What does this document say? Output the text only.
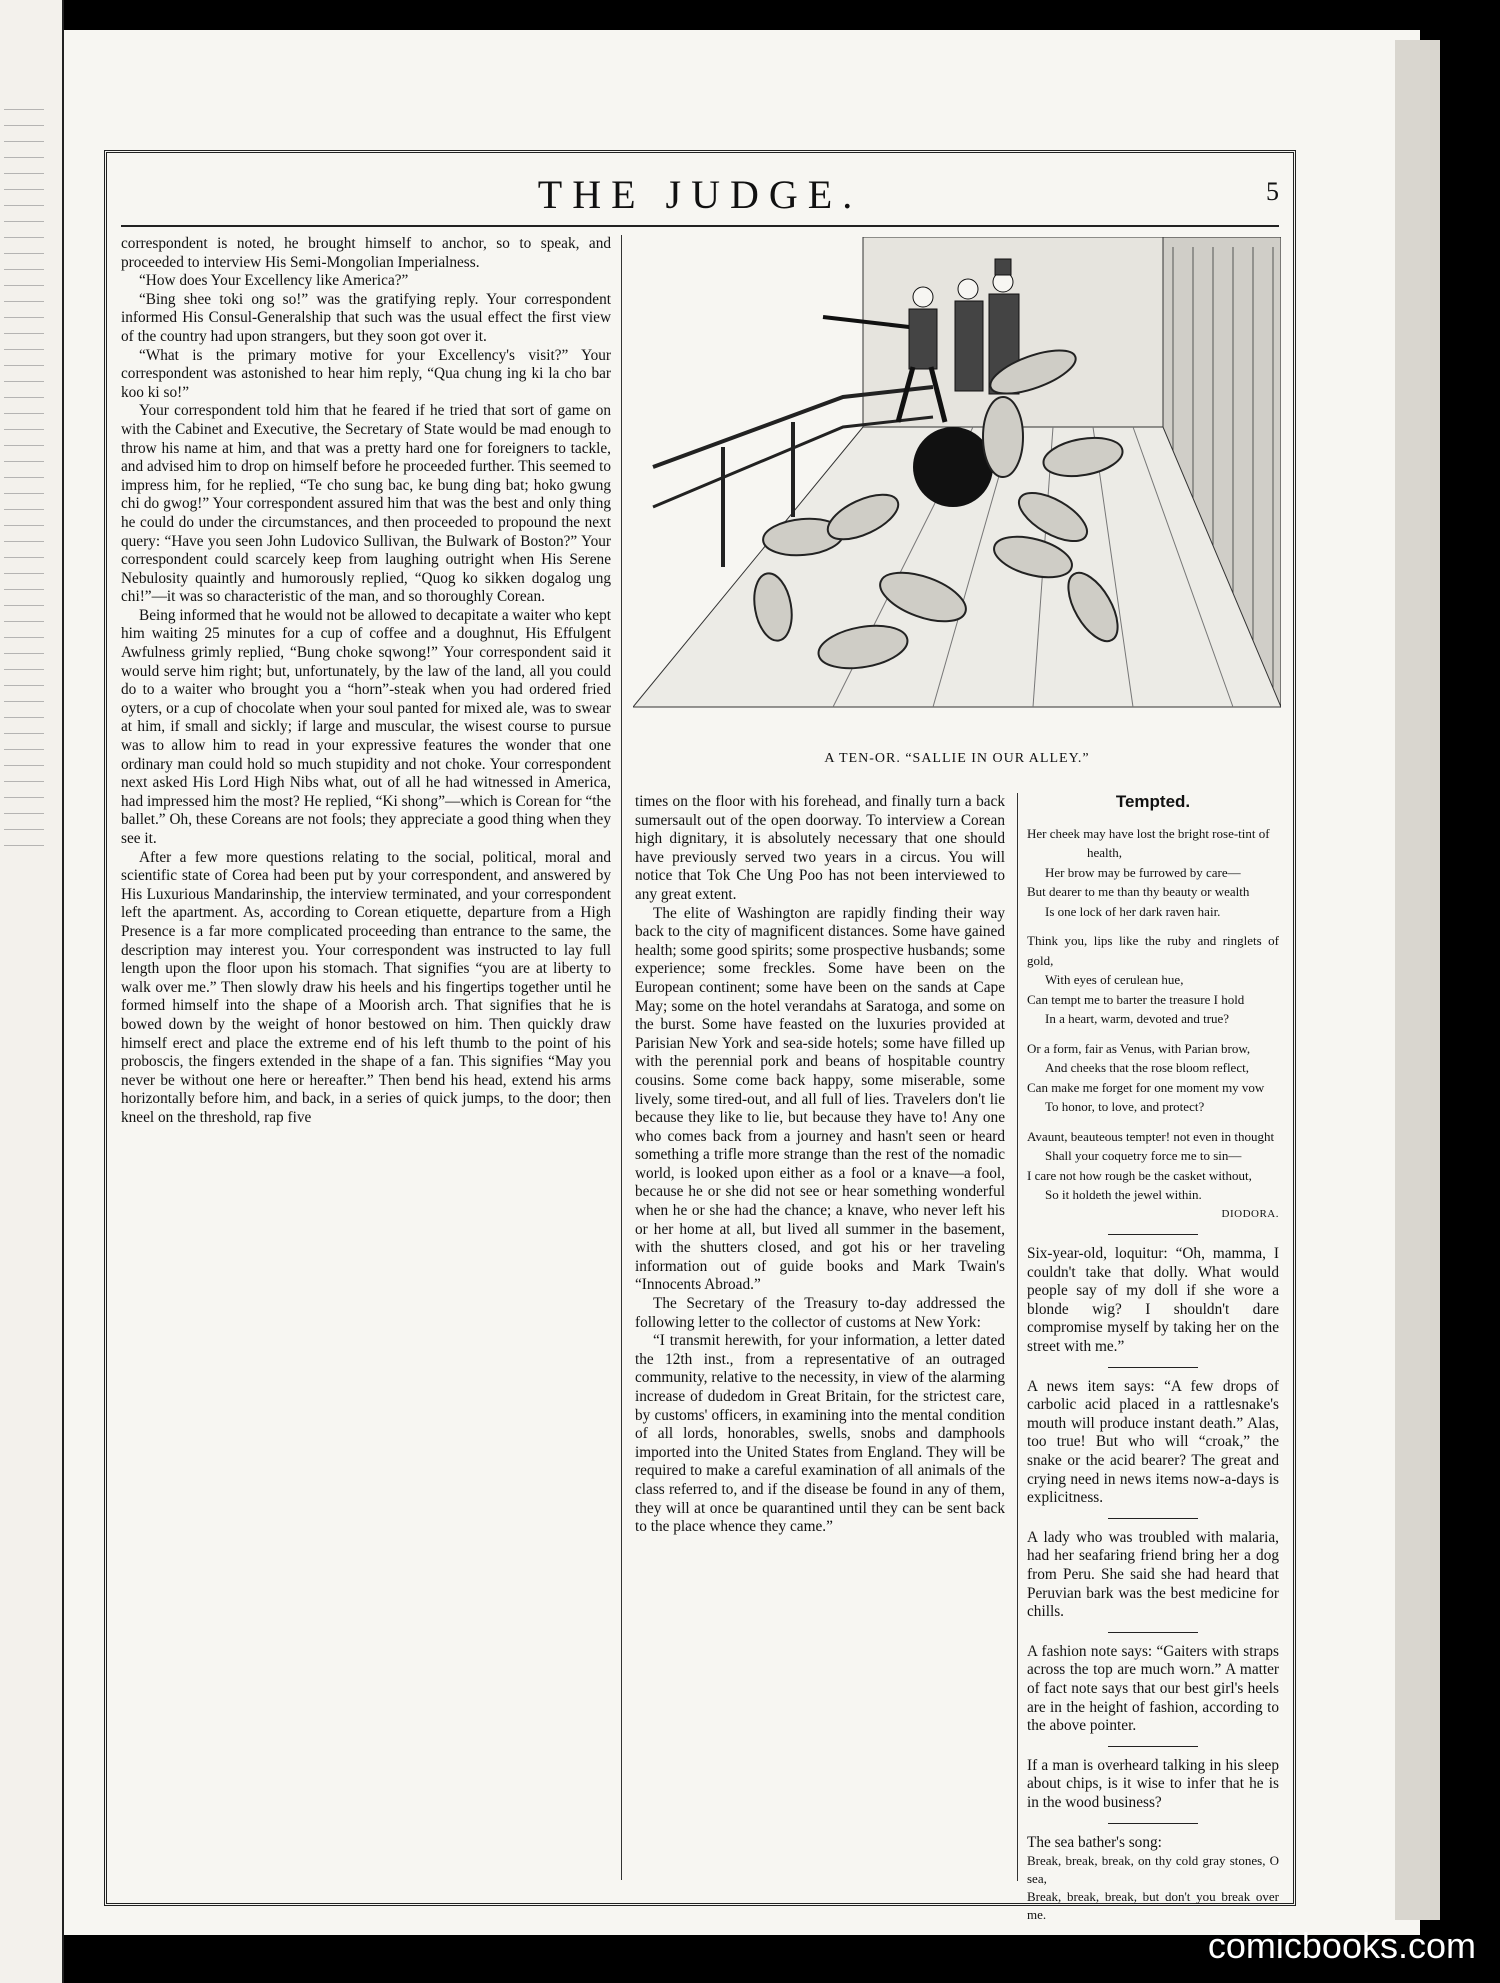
THE JUDGE.	5

correspondent is noted, he brought himself to anchor, so to speak, and proceeded to interview His Semi-Mongolian Imperialness.

“How does Your Excellency like America?”

“Bing shee toki ong so!” was the gratifying reply. Your correspondent informed His Consul-Generalship that such was the usual effect the first view of the country had upon strangers, but they soon got over it.

“What is the primary motive for your Excellency's visit?” Your correspondent was astonished to hear him reply, “Qua chung ing ki la cho bar koo ki so!”

Your correspondent told him that he feared if he tried that sort of game on with the Cabinet and Executive, the Secretary of State would be mad enough to throw his name at him, and that was a pretty hard one for foreigners to tackle, and advised him to drop on himself before he proceeded further. This seemed to impress him, for he replied, “Te cho sung bac, ke bung ding bat; hoko gwung chi do gwog!” Your correspondent assured him that was the best and only thing he could do under the circumstances, and then proceeded to propound the next query: “Have you seen John Ludovico Sullivan, the Bulwark of Boston?” Your correspondent could scarcely keep from laughing outright when His Serene Nebulosity quaintly and humorously replied, “Quog ko sikken dogalog ung chi!”—it was so characteristic of the man, and so thoroughly Corean.

Being informed that he would not be allowed to decapitate a waiter who kept him waiting 25 minutes for a cup of coffee and a doughnut, His Effulgent Awfulness grimly replied, “Bung choke sqwong!” Your correspondent said it would serve him right; but, unfortunately, by the law of the land, all you could do to a waiter who brought you a “horn”-steak when you had ordered fried oyters, or a cup of chocolate when your soul panted for mixed ale, was to swear at him, if small and sickly; if large and muscular, the wisest course to pursue was to allow him to read in your expressive features the wonder that one ordinary man could hold so much stupidity and not choke. Your correspondent next asked His Lord High Nibs what, out of all he had witnessed in America, had impressed him the most? He replied, “Ki shong”—which is Corean for “the ballet.” Oh, these Coreans are not fools; they appreciate a good thing when they see it.

After a few more questions relating to the social, political, moral and scientific state of Corea had been put by your correspondent, and answered by His Luxurious Mandarinship, the interview terminated, and your correspondent left the apartment. As, according to Corean etiquette, departure from a High Presence is a far more complicated proceeding than entrance to the same, the description may interest you. Your correspondent was instructed to lay full length upon the floor upon his stomach. That signifies “you are at liberty to walk over me.” Then slowly draw his heels and his fingertips together until he formed himself into the shape of a Moorish arch. That signifies that he is bowed down by the weight of honor bestowed on him. Then quickly draw himself erect and place the extreme end of his left thumb to the point of his proboscis, the fingers extended in the shape of a fan. This signifies “May you never be without one here or hereafter.” Then bend his head, extend his arms horizontally before him, and back, in a series of quick jumps, to the door; then kneel on the threshold, rap five

A TEN-OR. “SALLIE IN OUR ALLEY.”

times on the floor with his forehead, and finally turn a back sumersault out of the open doorway. To interview a Corean high dignitary, it is absolutely necessary that one should have previously served two years in a circus. You will notice that Tok Che Ung Poo has not been interviewed to any great extent.

The elite of Washington are rapidly finding their way back to the city of magnificent distances. Some have gained health; some good spirits; some prospective husbands; some experience; some freckles. Some have been on the European continent; some have been on the sands at Cape May; some on the hotel verandahs at Saratoga, and some on the burst. Some have feasted on the luxuries provided at Parisian New York and sea-side hotels; some have filled up with the perennial pork and beans of hospitable country cousins. Some come back happy, some miserable, some lively, some tired-out, and all full of lies. Travelers don't lie because they like to lie, but because they have to! Any one who comes back from a journey and hasn't seen or heard something a trifle more strange than the rest of the nomadic world, is looked upon either as a fool or a knave—a fool, because he or she did not see or hear something wonderful when he or she had the chance; a knave, who never left his or her home at all, but lived all summer in the basement, with the shutters closed, and got his or her traveling information out of guide books and Mark Twain's “Innocents Abroad.”

The Secretary of the Treasury to-day addressed the following letter to the collector of customs at New York:

“I transmit herewith, for your information, a letter dated the 12th inst., from a representative of an outraged community, relative to the necessity, in view of the alarming increase of dudedom in Great Britain, for the strictest care, by customs' officers, in examining into the mental condition of all lords, honorables, swells, snobs and damphools imported into the United States from England. They will be required to make a careful examination of all animals of the class referred to, and if the disease be found in any of them, they will at once be quarantined until they can be sent back to the place whence they came.”

Tempted.
Her cheek may have lost the bright rose-tint of
health,
Her brow may be furrowed by care—
But dearer to me than thy beauty or wealth
Is one lock of her dark raven hair.
Think you, lips like the ruby and ringlets of gold,
With eyes of cerulean hue,
Can tempt me to barter the treasure I hold
In a heart, warm, devoted and true?
Or a form, fair as Venus, with Parian brow,
And cheeks that the rose bloom reflect,
Can make me forget for one moment my vow
To honor, to love, and protect?
Avaunt, beauteous tempter! not even in thought
Shall your coquetry force me to sin—
I care not how rough be the casket without,
So it holdeth the jewel within.
DIODORA.

Six-year-old, loquitur: “Oh, mamma, I couldn't take that dolly. What would people say of my doll if she wore a blonde wig? I shouldn't dare compromise myself by taking her on the street with me.”

A news item says: “A few drops of carbolic acid placed in a rattlesnake's mouth will produce instant death.” Alas, too true! But who will “croak,” the snake or the acid bearer? The great and crying need in news items now-a-days is explicitness.

A lady who was troubled with malaria, had her seafaring friend bring her a dog from Peru. She said she had heard that Peruvian bark was the best medicine for chills.

A fashion note says: “Gaiters with straps across the top are much worn.” A matter of fact note says that our best girl's heels are in the height of fashion, according to the above pointer.

If a man is overheard talking in his sleep about chips, is it wise to infer that he is in the wood business?

The sea bather's song:

Break, break, break, on thy cold gray stones, O sea,
Break, break, break, but don't you break over me.
comicbooks.com
